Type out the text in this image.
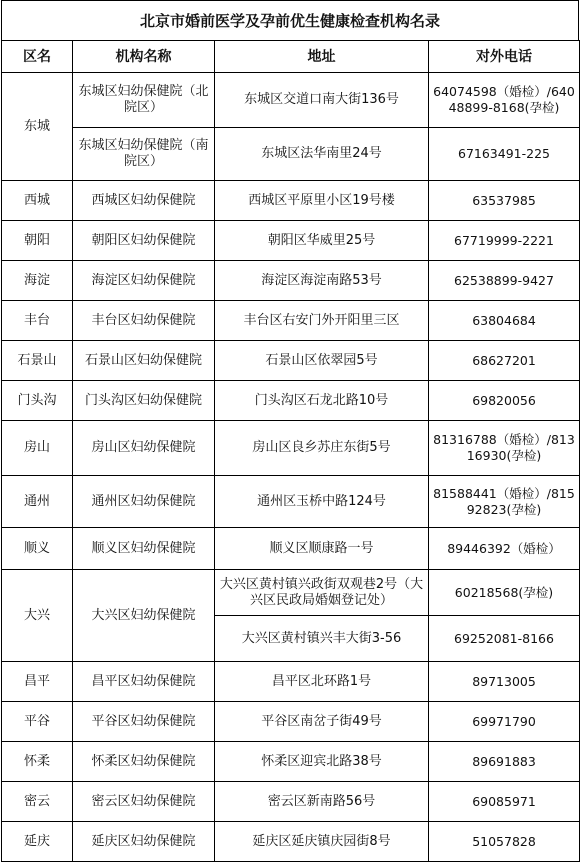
北京市婚前医学及孕前优生健康检查机构名录
区名	机构名称	地址	对外电话
东城	东城区妇幼保健院（北院区）	东城区交道口南大街136号	64074598（婚检）/64048899-8168(孕检)
	东城区妇幼保健院（南院区）	东城区法华南里24号	67163491-225
西城	西城区妇幼保健院	西城区平原里小区19号楼	63537985
朝阳	朝阳区妇幼保健院	朝阳区华威里25号	67719999-2221
海淀	海淀区妇幼保健院	海淀区海淀南路53号	62538899-9427
丰台	丰台区妇幼保健院	丰台区右安门外开阳里三区	63804684
石景山	石景山区妇幼保健院	石景山区依翠园5号	68627201
门头沟	门头沟区妇幼保健院	门头沟区石龙北路10号	69820056
房山	房山区妇幼保健院	房山区良乡苏庄东街5号	81316788（婚检）/81316930(孕检)
通州	通州区妇幼保健院	通州区玉桥中路124号	81588441（婚检）/81592823(孕检)
顺义	顺义区妇幼保健院	顺义区顺康路一号	89446392（婚检）
大兴	大兴区妇幼保健院	大兴区黄村镇兴政街双观巷2号（大兴区民政局婚姻登记处）	60218568(孕检)
		大兴区黄村镇兴丰大街3-56	69252081-8166
昌平	昌平区妇幼保健院	昌平区北环路1号	89713005
平谷	平谷区妇幼保健院	平谷区南岔子街49号	69971790
怀柔	怀柔区妇幼保健院	怀柔区迎宾北路38号	89691883
密云	密云区妇幼保健院	密云区新南路56号	69085971
延庆	延庆区妇幼保健院	延庆区延庆镇庆园街8号	51057828
